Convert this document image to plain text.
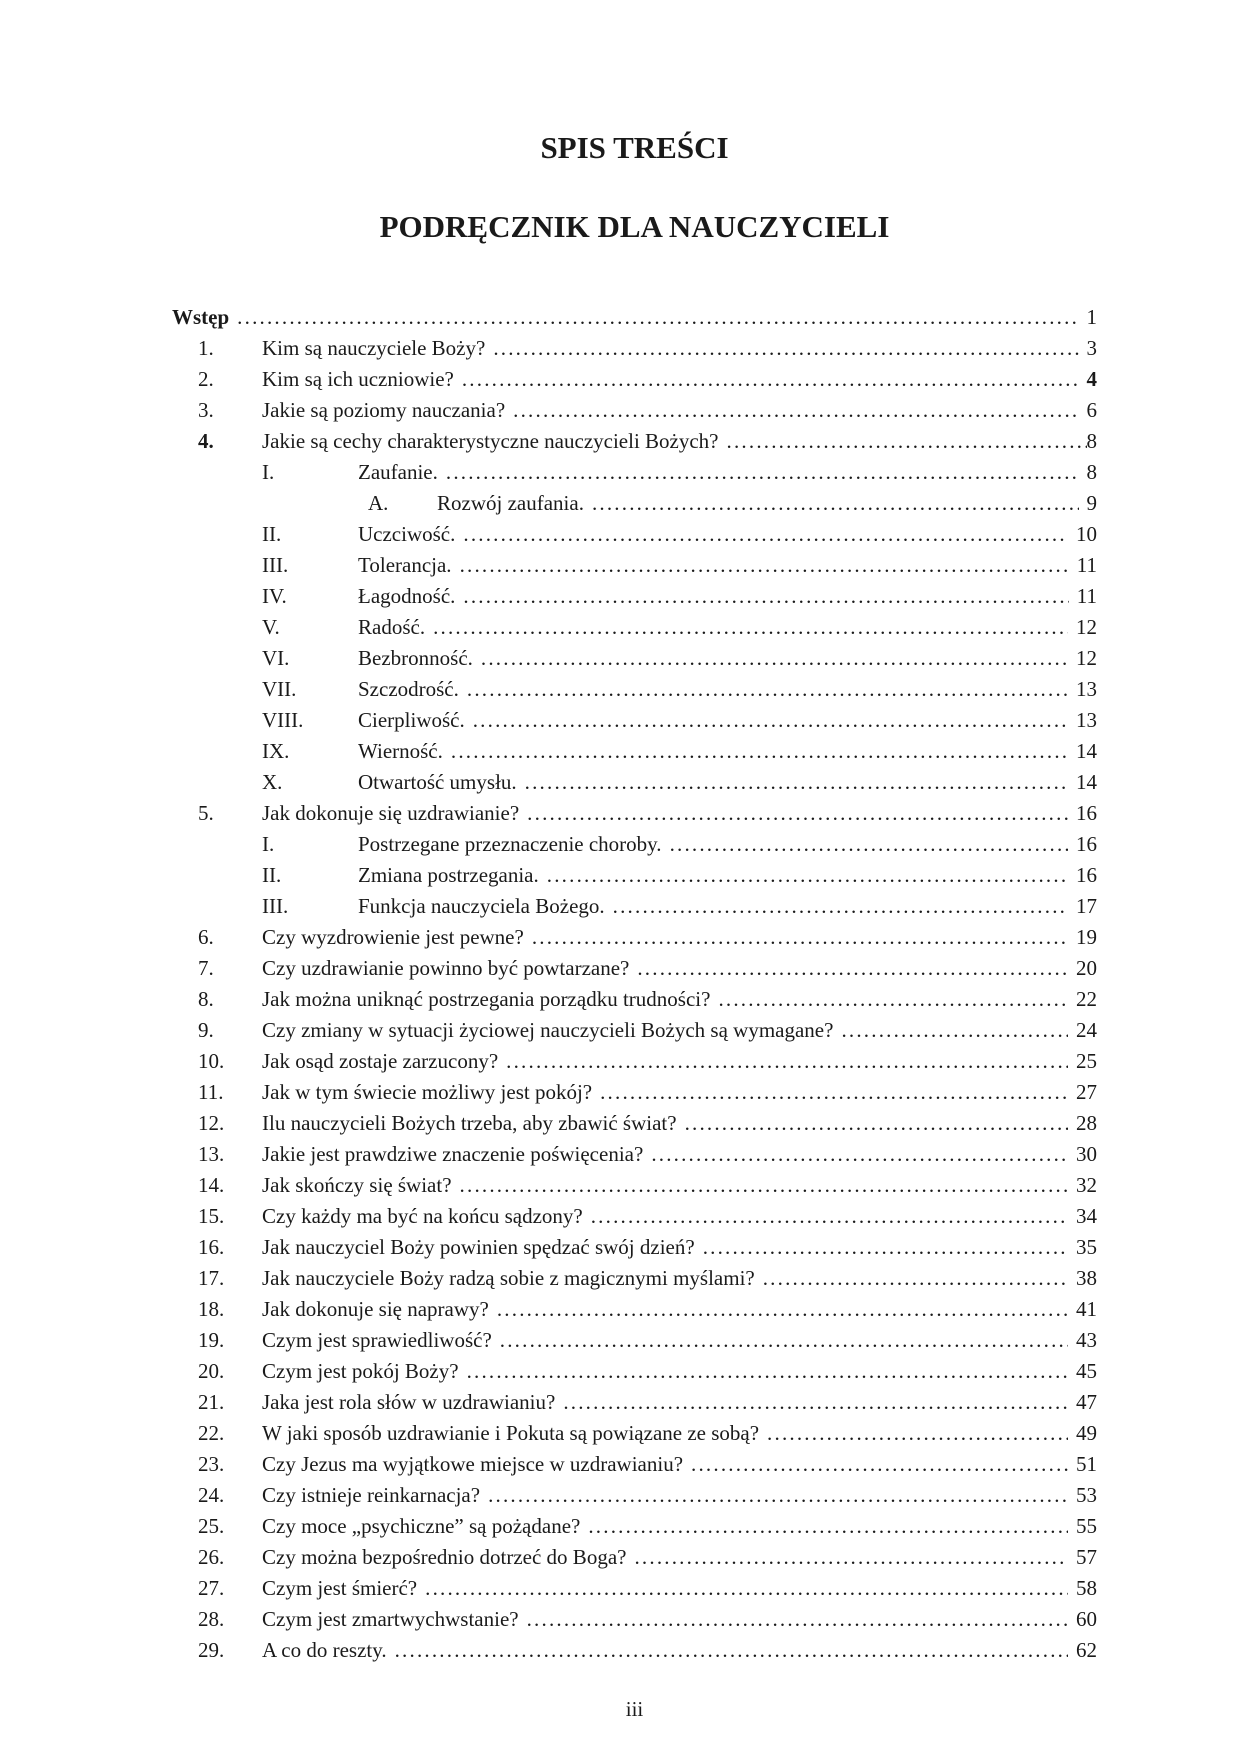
SPIS TREŚCI
PODRĘCZNIK DLA NAUCZYCIELI
Wstęp .....	1
1.	Kim są nauczyciele Boży? .....	3
2.	Kim są ich uczniowie? .....	4
3.	Jakie są poziomy nauczania? .....	6
4.	Jakie są cechy charakterystyczne nauczycieli Bożych? .....	8
I.	Zaufanie. .....	8
A.	Rozwój zaufania. .....	9
II.	Uczciwość. .....	10
III.	Tolerancja. .....	11
IV.	Łagodność. .....	11
V.	Radość. .....	12
VI.	Bezbronność. .....	12
VII.	Szczodrość. .....	13
VIII.	Cierpliwość. .....	13
IX.	Wierność. .....	14
X.	Otwartość umysłu. .....	14
5.	Jak dokonuje się uzdrawianie? .....	16
I.	Postrzegane przeznaczenie choroby. .....	16
II.	Zmiana postrzegania. .....	16
III.	Funkcja nauczyciela Bożego. .....	17
6.	Czy wyzdrowienie jest pewne? .....	19
7.	Czy uzdrawianie powinno być powtarzane? .....	20
8.	Jak można uniknąć postrzegania porządku trudności? .....	22
9.	Czy zmiany w sytuacji życiowej nauczycieli Bożych są wymagane? .....	24
10.	Jak osąd zostaje zarzucony? .....	25
11.	Jak w tym świecie możliwy jest pokój? .....	27
12.	Ilu nauczycieli Bożych trzeba, aby zbawić świat? .....	28
13.	Jakie jest prawdziwe znaczenie poświęcenia? .....	30
14.	Jak skończy się świat? .....	32
15.	Czy każdy ma być na końcu sądzony? .....	34
16.	Jak nauczyciel Boży powinien spędzać swój dzień? .....	35
17.	Jak nauczyciele Boży radzą sobie z magicznymi myślami? .....	38
18.	Jak dokonuje się naprawy? .....	41
19.	Czym jest sprawiedliwość? .....	43
20.	Czym jest pokój Boży? .....	45
21.	Jaka jest rola słów w uzdrawianiu? .....	47
22.	W jaki sposób uzdrawianie i Pokuta są powiązane ze sobą? .....	49
23.	Czy Jezus ma wyjątkowe miejsce w uzdrawianiu? .....	51
24.	Czy istnieje reinkarnacja? .....	53
25.	Czy moce „psychiczne” są pożądane? .....	55
26.	Czy można bezpośrednio dotrzeć do Boga? .....	57
27.	Czym jest śmierć? .....	58
28.	Czym jest zmartwychwstanie? .....	60
29.	A co do reszty. .....	62
iii
